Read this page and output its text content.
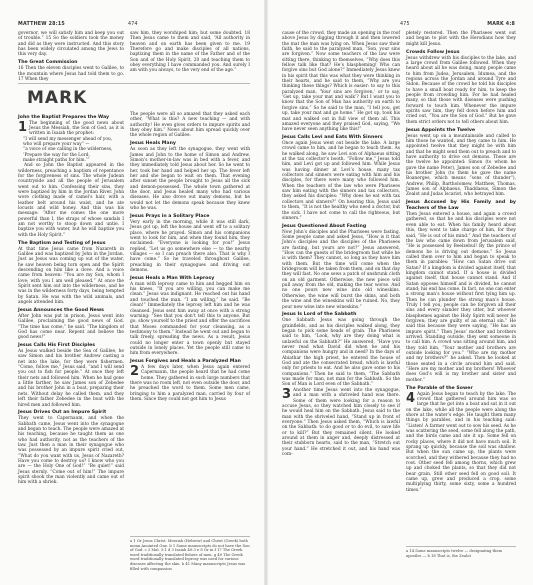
MATTHEW 28:15	474

governor, we will satisfy him and keep you out of trouble.” 15 So the soldiers took the money and did as they were instructed. And this story has been widely circulated among the Jews to this very day.

The Great Commission

16 Then the eleven disciples went to Galilee, to the mountain where Jesus had told them to go. 17 When they

saw him, they worshiped him; but some doubted. 18 Then Jesus came to them and said, “All authority in heaven and on earth has been given to me. 19 Therefore go and make disciples of all nations, baptizing them in the name of the Father and of the Son and of the Holy Spirit, 20 and teaching them to obey everything I have commanded you. And surely I am with you always, to the very end of the age.”

MARK
John the Baptist Prepares the Way

1 The beginning of the good news about Jesus the Messiah, the Son of God, as it is written in Isaiah the prophet:

“I will send my messenger ahead of you,
who will prepare your way” —
“a voice of one calling in the wilderness,
‘Prepare the way for the Lord,
make straight paths for him.’”

And so John the Baptist appeared in the wilderness, preaching a baptism of repentance for the forgiveness of sins. The whole Judean countryside and all the people of Jerusalem went out to him. Confessing their sins, they were baptized by him in the Jordan River. John wore clothing made of camel’s hair, with a leather belt around his waist, and he ate locusts and wild honey. And this was his message: “After me comes the one more powerful than I, the straps of whose sandals I am not worthy to stoop down and untie. I baptize you with water, but he will baptize you with the Holy Spirit.”

The Baptism and Testing of Jesus

At that time Jesus came from Nazareth in Galilee and was baptized by John in the Jordan. Just as Jesus was coming up out of the water, he saw heaven being torn open and the Spirit descending on him like a dove. And a voice came from heaven: “You are my Son, whom I love; with you I am well pleased.” At once the Spirit sent him out into the wilderness, and he was in the wilderness forty days, being tempted by Satan. He was with the wild animals, and angels attended him.

Jesus Announces the Good News

After John was put in prison, Jesus went into Galilee, proclaiming the good news of God. “The time has come,” he said. “The kingdom of God has come near. Repent and believe the good news!”

Jesus Calls His First Disciples

As Jesus walked beside the Sea of Galilee, he saw Simon and his brother Andrew casting a net into the lake, for they were fishermen. “Come, follow me,” Jesus said, “and I will send you out to fish for people.” At once they left their nets and followed him. When he had gone a little farther, he saw James son of Zebedee and his brother John in a boat, preparing their nets. Without delay he called them, and they left their father Zebedee in the boat with the hired men and followed him.

Jesus Drives Out an Impure Spirit

They went to Capernaum, and when the Sabbath came, Jesus went into the synagogue and began to teach. The people were amazed at his teaching, because he taught them as one who had authority, not as the teachers of the law. Just then a man in their synagogue who was possessed by an impure spirit cried out, “What do you want with us, Jesus of Nazareth? Have you come to destroy us? I know who you are — the Holy One of God!” “Be quiet!” said Jesus sternly. “Come out of him!” The impure spirit shook the man violently and came out of him with a shriek.

The people were all so amazed that they asked each other, “What is this? A new teaching — and with authority! He even gives orders to impure spirits and they obey him.” News about him spread quickly over the whole region of Galilee.

Jesus Heals Many

As soon as they left the synagogue, they went with James and John to the home of Simon and Andrew. Simon’s mother-in-law was in bed with a fever, and they immediately told Jesus about her. So he went to her, took her hand and helped her up. The fever left her and she began to wait on them. That evening after sunset the people brought to Jesus all the sick and demon-possessed. The whole town gathered at the door, and Jesus healed many who had various diseases. He also drove out many demons, but he would not let the demons speak because they knew who he was.

Jesus Prays in a Solitary Place

Very early in the morning, while it was still dark, Jesus got up, left the house and went off to a solitary place, where he prayed. Simon and his companions went to look for him, and when they found him, they exclaimed: “Everyone is looking for you!” Jesus replied, “Let us go somewhere else — to the nearby villages — so I can preach there also. That is why I have come.” So he traveled throughout Galilee, preaching in their synagogues and driving out demons.

Jesus Heals a Man With Leprosy

A man with leprosy came to him and begged him on his knees, “If you are willing, you can make me clean.” Jesus was indignant. He reached out his hand and touched the man. “I am willing,” he said. “Be clean!” Immediately the leprosy left him and he was cleansed. Jesus sent him away at once with a strong warning: “See that you don’t tell this to anyone. But go, show yourself to the priest and offer the sacrifices that Moses commanded for your cleansing, as a testimony to them.” Instead he went out and began to talk freely, spreading the news. As a result, Jesus could no longer enter a town openly but stayed outside in lonely places. Yet the people still came to him from everywhere.

Jesus Forgives and Heals a Paralyzed Man

2 A few days later, when Jesus again entered Capernaum, the people heard that he had come home. They gathered in such large numbers that there was no room left, not even outside the door, and he preached the word to them. Some men came, bringing to him a paralyzed man, carried by four of them. Since they could not get him to Jesus

a 1 Or Jesus Christ. Messiah (Hebrew) and Christ (Greek) both mean Anointed One. b 1 Some manuscripts do not have the Son of God. c 2 Mal. 3:1 d 3 Isaiah 40:3 e 8 Or in f 17 The Greek word traditionally translated fishers of men, g 40 The Greek word traditionally translated leprosy was used for various diseases affecting the skin. h 41 Many manuscripts Jesus was filled with compassion
475	MARK 4:8

cause of the crowd, they made an opening in the roof above Jesus by digging through it and then lowered the mat the man was lying on. When Jesus saw their faith, he said to the paralyzed man, “Son, your sins are forgiven.” Now some teachers of the law were sitting there, thinking to themselves, “Why does this fellow talk like that? He’s blaspheming! Who can forgive sins but God alone?” Immediately Jesus knew in his spirit that this was what they were thinking in their hearts, and he said to them, “Why are you thinking these things? Which is easier: to say to this paralyzed man, ‘Your sins are forgiven,’ or to say, ‘Get up, take your mat and walk’? But I want you to know that the Son of Man has authority on earth to forgive sins.” So he said to the man, “I tell you, get up, take your mat and go home.” He got up, took his mat and walked out in full view of them all. This amazed everyone and they praised God, saying, “We have never seen anything like this!”

Jesus Calls Levi and Eats With Sinners

Once again Jesus went out beside the lake. A large crowd came to him, and he began to teach them. As he walked along, he saw Levi son of Alphaeus sitting at the tax collector’s booth. “Follow me,” Jesus told him, and Levi got up and followed him. While Jesus was having dinner at Levi’s house, many tax collectors and sinners were eating with him and his disciples, for there were many who followed him. When the teachers of the law who were Pharisees saw him eating with the sinners and tax collectors, they asked his disciples: “Why does he eat with tax collectors and sinners?” On hearing this, Jesus said to them, “It is not the healthy who need a doctor, but the sick. I have not come to call the righteous, but sinners.”

Jesus Questioned About Fasting

Now John’s disciples and the Pharisees were fasting. Some people came and asked Jesus, “How is it that John’s disciples and the disciples of the Pharisees are fasting, but yours are not?” Jesus answered, “How can the guests of the bridegroom fast while he is with them? They cannot, so long as they have him with them. But the time will come when the bridegroom will be taken from them, and on that day they will fast. No one sews a patch of unshrunk cloth on an old garment. Otherwise, the new piece will pull away from the old, making the tear worse. And no one pours new wine into old wineskins. Otherwise, the wine will burst the skins, and both the wine and the wineskins will be ruined. No, they pour new wine into new wineskins.”

Jesus Is Lord of the Sabbath

One Sabbath Jesus was going through the grainfields, and as his disciples walked along, they began to pick some heads of grain. The Pharisees said to him, “Look, why are they doing what is unlawful on the Sabbath?” He answered, “Have you never read what David did when he and his companions were hungry and in need? In the days of Abiathar the high priest, he entered the house of God and ate the consecrated bread, which is lawful only for priests to eat. And he also gave some to his companions.” Then he said to them, “The Sabbath was made for man, not man for the Sabbath. So the Son of Man is Lord even of the Sabbath.”

3 Another time Jesus went into the synagogue, and a man with a shriveled hand was there. Some of them were looking for a reason to accuse Jesus, so they watched him closely to see if he would heal him on the Sabbath. Jesus said to the man with the shriveled hand, “Stand up in front of everyone.” Then Jesus asked them, “Which is lawful on the Sabbath: to do good or to do evil, to save life or to kill?” But they remained silent. He looked around at them in anger and, deeply distressed at their stubborn hearts, said to the man, “Stretch out your hand.” He stretched it out, and his hand was com-

pletely restored. Then the Pharisees went out and began to plot with the Herodians how they might kill Jesus.

Crowds Follow Jesus

Jesus withdrew with his disciples to the lake, and a large crowd from Galilee followed. When they heard about all he was doing, many people came to him from Judea, Jerusalem, Idumea, and the regions across the Jordan and around Tyre and Sidon. Because of the crowd he told his disciples to have a small boat ready for him, to keep the people from crowding him. For he had healed many, so that those with diseases were pushing forward to touch him. Whenever the impure spirits saw him, they fell down before him and cried out, “You are the Son of God.” But he gave them strict orders not to tell others about him.

Jesus Appoints the Twelve

Jesus went up on a mountainside and called to him those he wanted, and they came to him. He appointed twelve that they might be with him and that he might send them out to preach and to have authority to drive out demons. These are the twelve he appointed: Simon (to whom he gave the name Peter), James son of Zebedee and his brother John (to them he gave the name Boanerges, which means “sons of thunder”), Andrew, Philip, Bartholomew, Matthew, Thomas, James son of Alphaeus, Thaddaeus, Simon the Zealot and Judas Iscariot, who betrayed him.

Jesus Accused by His Family and by Teachers of the Law

Then Jesus entered a house, and again a crowd gathered, so that he and his disciples were not even able to eat. When his family heard about this, they went to take charge of him, for they said, “He is out of his mind.” And the teachers of the law who came down from Jerusalem said, “He is possessed by Beelzebul! By the prince of demons he is driving out demons.” So Jesus called them over to him and began to speak to them in parables: “How can Satan drive out Satan? If a kingdom is divided against itself, that kingdom cannot stand. If a house is divided against itself, that house cannot stand. And if Satan opposes himself and is divided, he cannot stand; his end has come. In fact, no one can enter a strong man’s house without first tying him up. Then he can plunder the strong man’s house. Truly I tell you, people can be forgiven all their sins and every slander they utter, but whoever blasphemes against the Holy Spirit will never be forgiven; they are guilty of an eternal sin.” He said this because they were saying, “He has an impure spirit.” Then Jesus’ mother and brothers arrived. Standing outside, they sent someone in to call him. A crowd was sitting around him, and they told him, “Your mother and brothers are outside looking for you.” “Who are my mother and my brothers?” he asked. Then he looked at those seated in a circle around him and said, “Here are my mother and my brothers! Whoever does God’s will is my brother and sister and mother.”

The Parable of the Sower

4 Again Jesus began to teach by the lake. The crowd that gathered around him was so large that he got into a boat and sat in it out on the lake, while all the people were along the shore at the water’s edge. He taught them many things by parables, and in his teaching said: “Listen! A farmer went out to sow his seed. As he was scattering the seed, some fell along the path, and the birds came and ate it up. Some fell on rocky places, where it did not have much soil. It sprang up quickly, because the soil was shallow. But when the sun came up, the plants were scorched, and they withered because they had no root. Other seed fell among thorns, which grew up and choked the plants, so that they did not bear grain. Still other seed fell on good soil. It came up, grew and produced a crop, some multiplying thirty, some sixty, some a hundred times.”

a 14 Some manuscripts twelve — designating them apostles — b 18 That is, the Zealot
